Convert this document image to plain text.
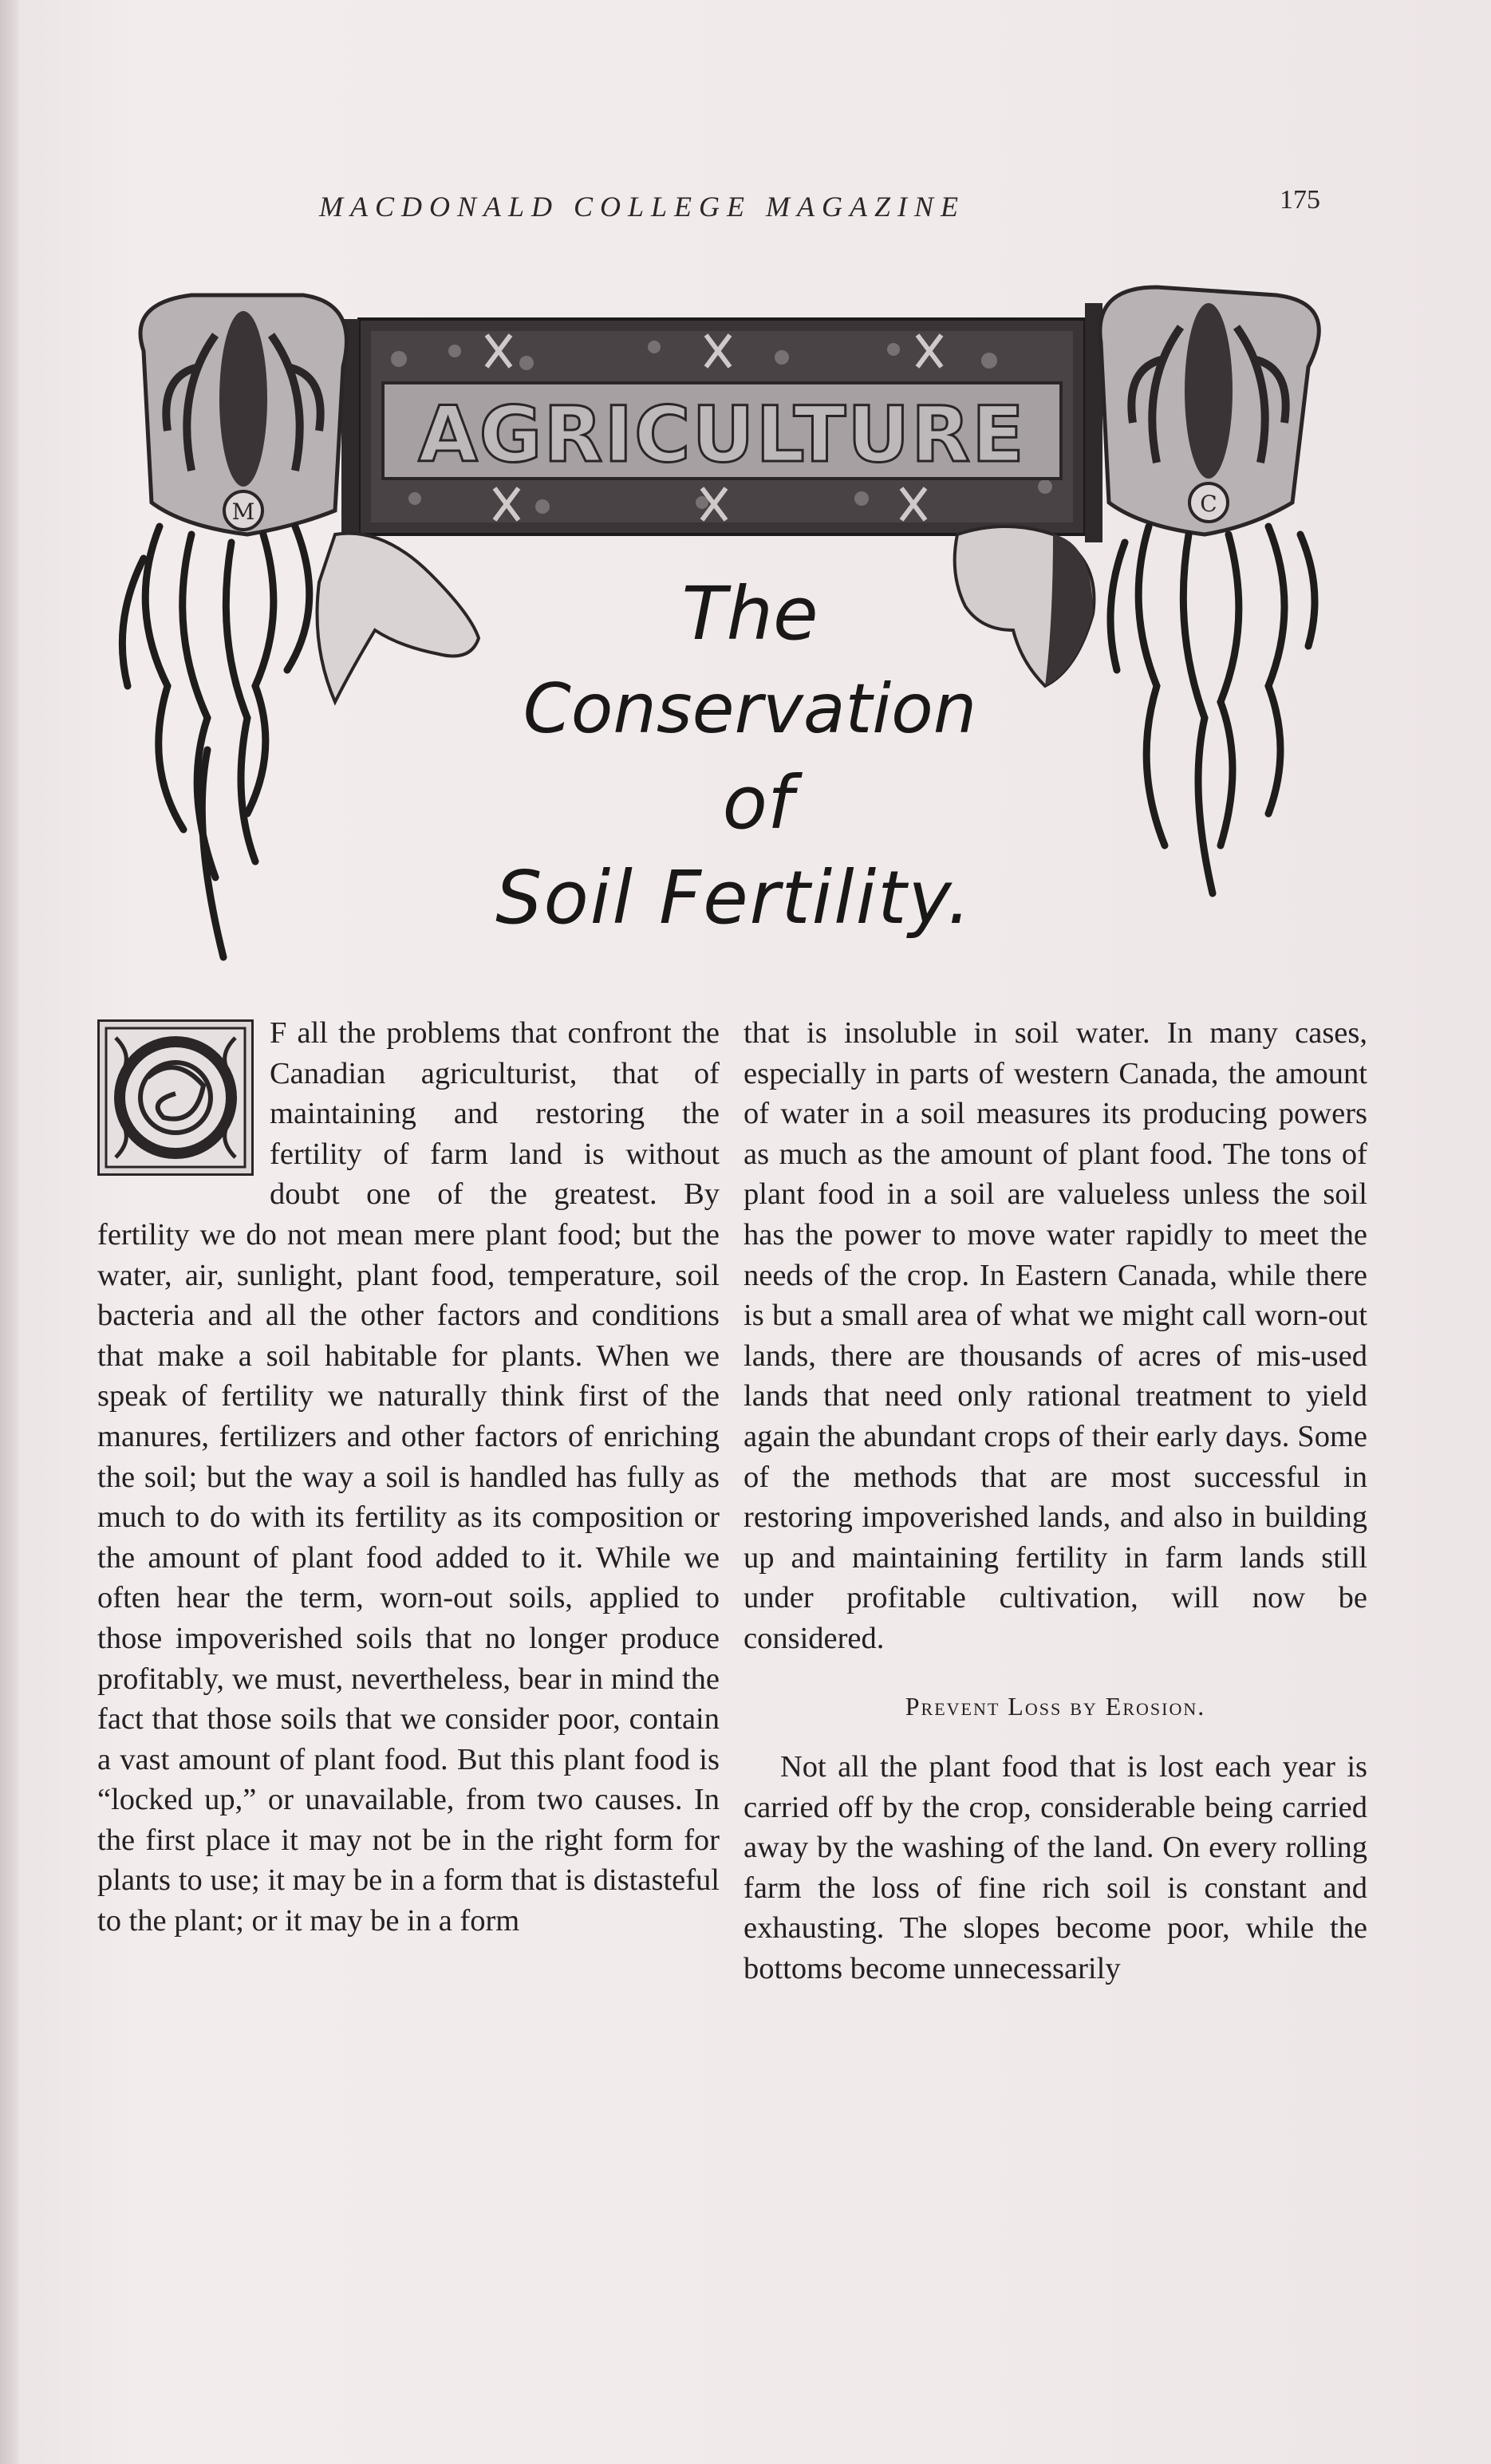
MACDONALD COLLEGE MAGAZINE	175
AGRICULTURE
M	C
The
Conservation
of
Soil Fertility.

F all the problems that confront the Canadian agriculturist, that of maintaining and restoring the fertility of farm land is without doubt one of the greatest. By fertility we do not mean mere plant food; but the water, air, sunlight, plant food, temperature, soil bacteria and all the other factors and conditions that make a soil habitable for plants. When we speak of fertility we naturally think first of the manures, fertilizers and other factors of enriching the soil; but the way a soil is handled has fully as much to do with its fertility as its composition or the amount of plant food added to it. While we often hear the term, worn-out soils, applied to those impoverished soils that no longer produce profitably, we must, nevertheless, bear in mind the fact that those soils that we consider poor, contain a vast amount of plant food. But this plant food is “locked up,” or unavailable, from two causes. In the first place it may not be in the right form for plants to use; it may be in a form that is distasteful to the plant; or it may be in a form

that is insoluble in soil water. In many cases, especially in parts of western Canada, the amount of water in a soil measures its producing powers as much as the amount of plant food. The tons of plant food in a soil are valueless unless the soil has the power to move water rapidly to meet the needs of the crop. In Eastern Canada, while there is but a small area of what we might call worn-out lands, there are thousands of acres of mis-used lands that need only rational treatment to yield again the abundant crops of their early days. Some of the methods that are most successful in restoring impoverished lands, and also in building up and maintaining fertility in farm lands still under profitable cultivation, will now be considered.

Prevent Loss by Erosion.

Not all the plant food that is lost each year is carried off by the crop, considerable being carried away by the washing of the land. On every rolling farm the loss of fine rich soil is constant and exhausting. The slopes become poor, while the bottoms become unnecessarily
